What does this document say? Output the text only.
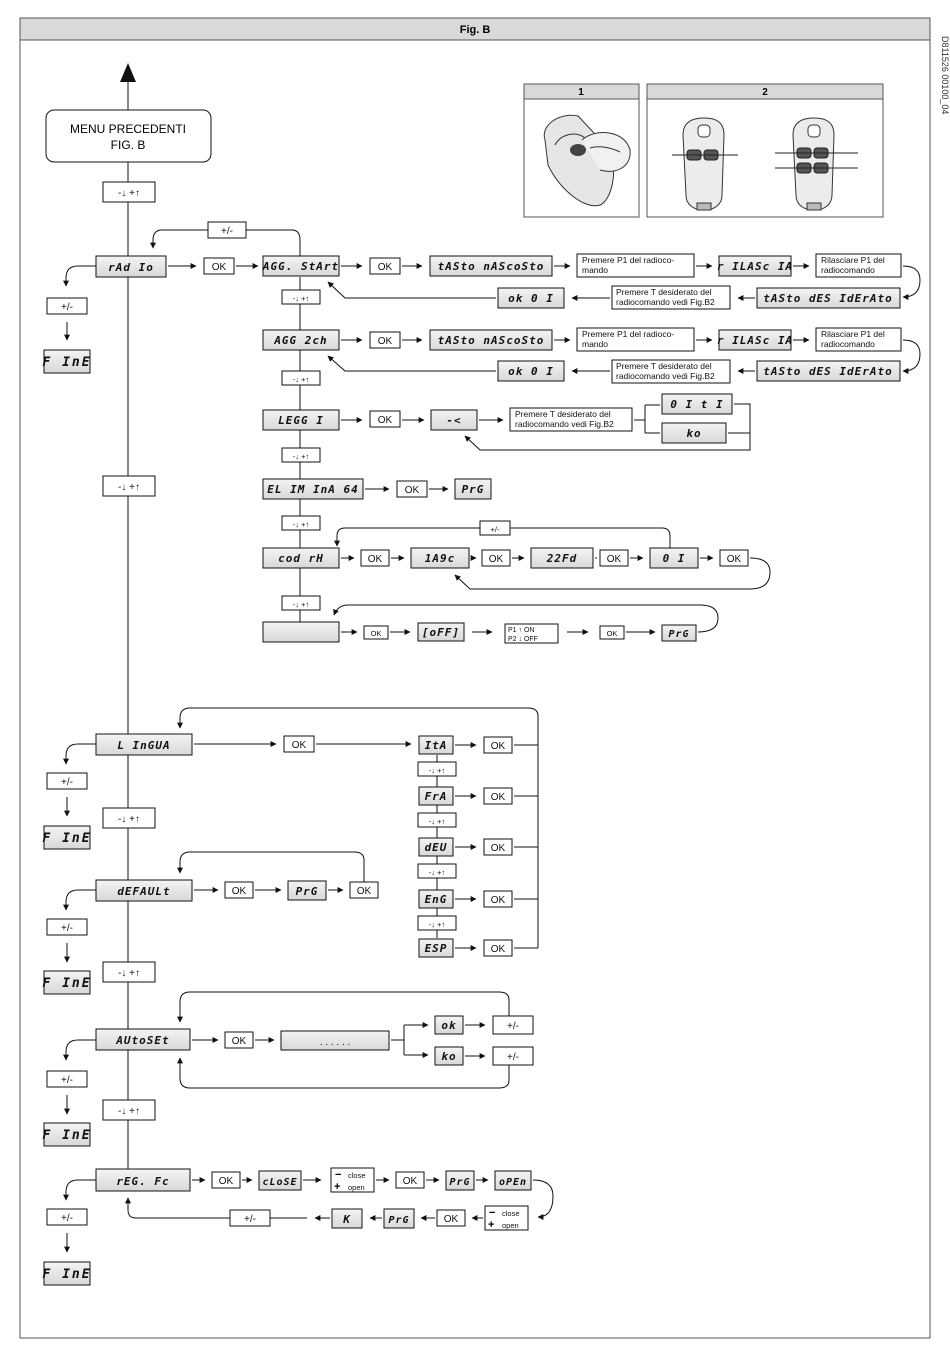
Fig. B
D811526 00100_04
1	2
MENU PRECEDENTI
FIG. B
-↓ +↑
-↓ +↑
-↓ +↑
-↓ +↑
-↓ +↑
rAd Io
+/-
F InE
+/-
OK	AGG. StArt	OK	tASto nAScoSto	Premere P1 del radioco-
mando	r ILASc IA	Rilasciare P1 del
radiocomando
tASto dES IdErAto
Premere T desiderato del
radiocomando vedi Fig.B2
ok 0 I
-↓ +↑
AGG 2ch	OK	tASto nAScoSto	Premere P1 del radioco-
mando	r ILASc IA	Rilasciare P1 del
radiocomando
tASto dES IdErAto
Premere T desiderato del
radiocomando vedi Fig.B2
ok 0 I
-↓ +↑
LEGG I	OK	-<	Premere T desiderato del
radiocomando vedi Fig.B2
0 I t I
ko
-↓ +↑
EL IM InA 64	OK	PrG
-↓ +↑
+/-
cod rH	OK	1A9c	OK	22Fd	OK	0 I	OK
-↓ +↑
OK	[oFF]	P1 ↑ ON
P2 ↓ OFF
OK	PrG
L InGUA
+/-
F InE
OK	ItA	OK
-↓ +↑
FrA	OK
-↓ +↑
dEU	OK
-↓ +↑
EnG	OK
-↓ +↑
ESP	OK
dEFAULt
+/-
F InE
OK	PrG	OK
AUtoSEt
+/-
F InE
OK	. . . . . .
ok
ko
+/-
+/-
rEG. Fc
+/-
F InE
OK	cLoSE
− close
+ open
OK	PrG	oPEn
− close
+ open
OK
PrG
K
+/-
